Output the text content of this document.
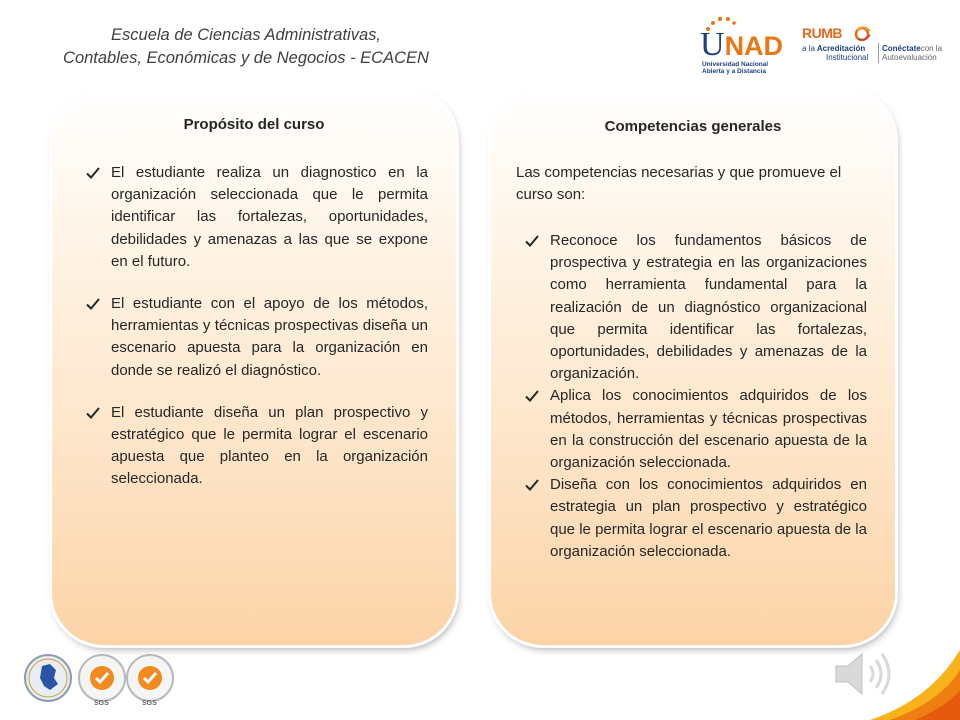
Escuela de Ciencias Administrativas,
Contables, Económicas y de Negocios - ECACEN	UNAD
Universidad Nacional
Abierta y a Distancia
RUMB
a la Acreditación
Institucional
Conéctatecon la
Autoevaluación
Propósito del curso
El estudiante realiza un diagnostico en la organización seleccionada que le permita identificar las fortalezas, oportunidades, debilidades y amenazas a las que se expone en el futuro.
El estudiante con el apoyo de los métodos, herramientas y técnicas prospectivas diseña un escenario apuesta para la organización en donde se realizó el diagnóstico.
El estudiante diseña un plan prospectivo y estratégico que le permita lograr el escenario apuesta que planteo en la organización seleccionada.
Competencias generales
Las competencias necesarias y que promueve el curso son:
Reconoce los fundamentos básicos de prospectiva y estrategia en las organizaciones como herramienta fundamental para la realización de un diagnóstico organizacional que permita identificar las fortalezas, oportunidades, debilidades y amenazas de la organización.
Aplica los conocimientos adquiridos de los métodos, herramientas y técnicas prospectivas en la construcción del escenario apuesta de la organización seleccionada.
Diseña con los conocimientos adquiridos en estrategia un plan prospectivo y estratégico que le permita lograr el escenario apuesta de la organización seleccionada.
SGS	SGS
